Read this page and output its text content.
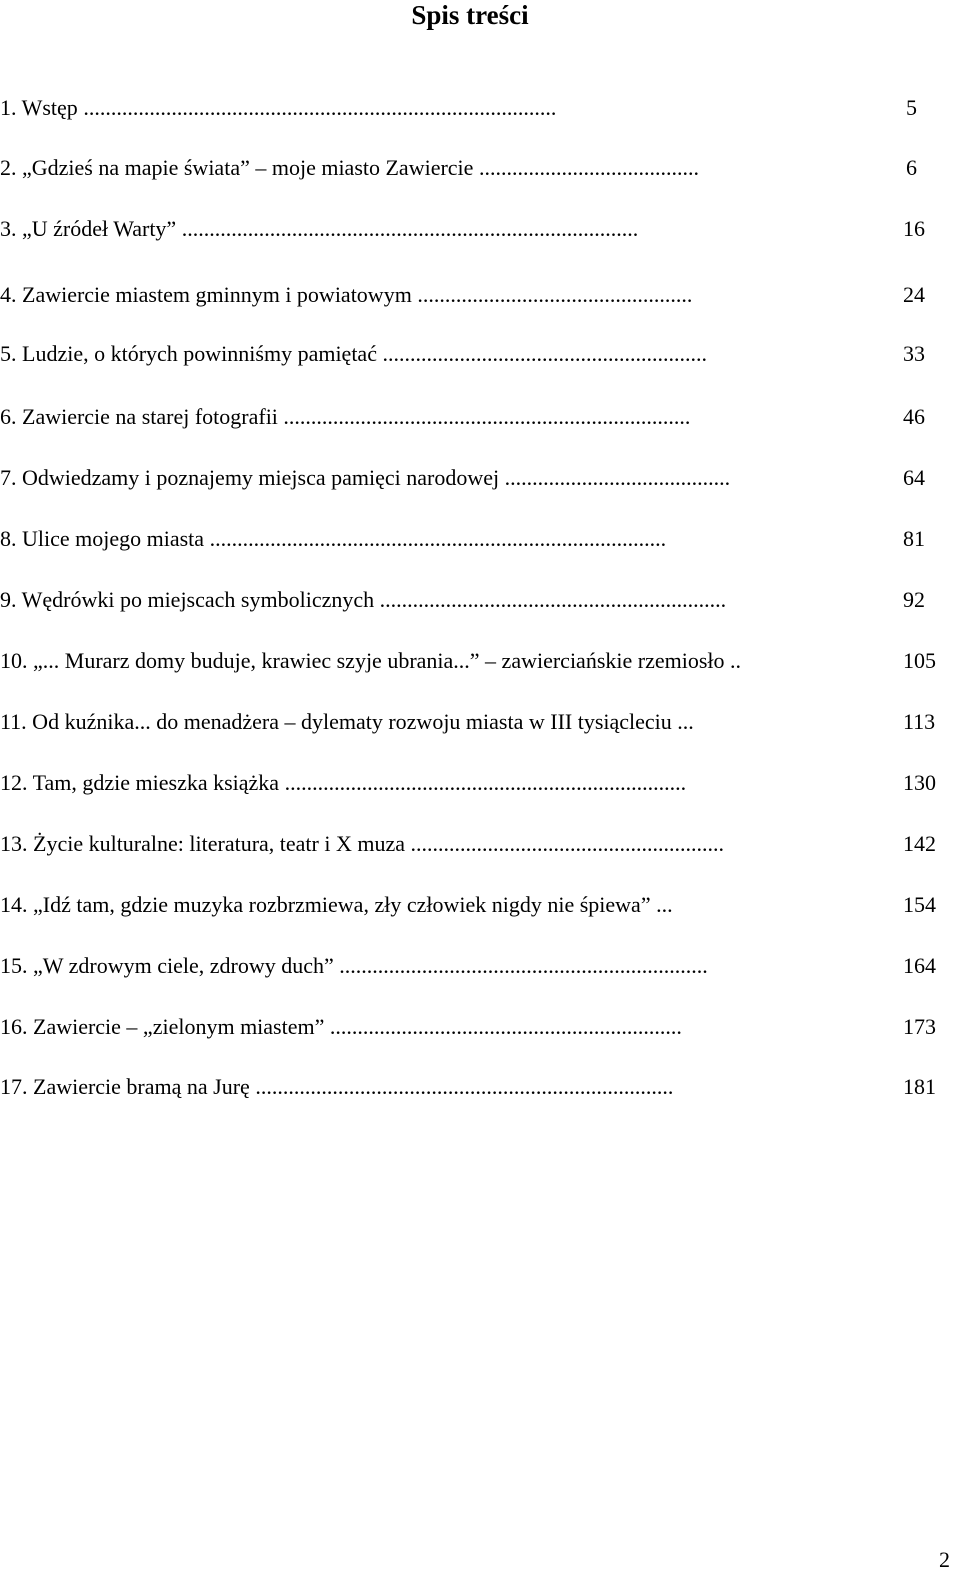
Spis treści
1. Wstęp ......................................................................................	5
2. „Gdzieś na mapie świata” – moje miasto Zawiercie ........................................	6
3. „U źródeł Warty” ...................................................................................	16
4. Zawiercie miastem gminnym i powiatowym ..................................................	24
5. Ludzie, o których powinniśmy pamiętać ...........................................................	33
6. Zawiercie na starej fotografii ..........................................................................	46
7. Odwiedzamy i poznajemy miejsca pamięci narodowej .........................................	64
8. Ulice mojego miasta ...................................................................................	81
9. Wędrówki po miejscach symbolicznych ...............................................................	92
10. „... Murarz domy buduje, krawiec szyje ubrania...” – zawierciańskie rzemiosło ..	105
11. Od kuźnika... do menadżera – dylematy rozwoju miasta w III tysiącleciu ...	113
12. Tam, gdzie mieszka książka .........................................................................	130
13. Życie kulturalne: literatura, teatr i X muza .........................................................	142
14. „Idź tam, gdzie muzyka rozbrzmiewa, zły człowiek nigdy nie śpiewa” ...	154
15. „W zdrowym ciele, zdrowy duch” ...................................................................	164
16. Zawiercie – „zielonym miastem” ................................................................	173
17. Zawiercie bramą na Jurę ............................................................................	181
2
